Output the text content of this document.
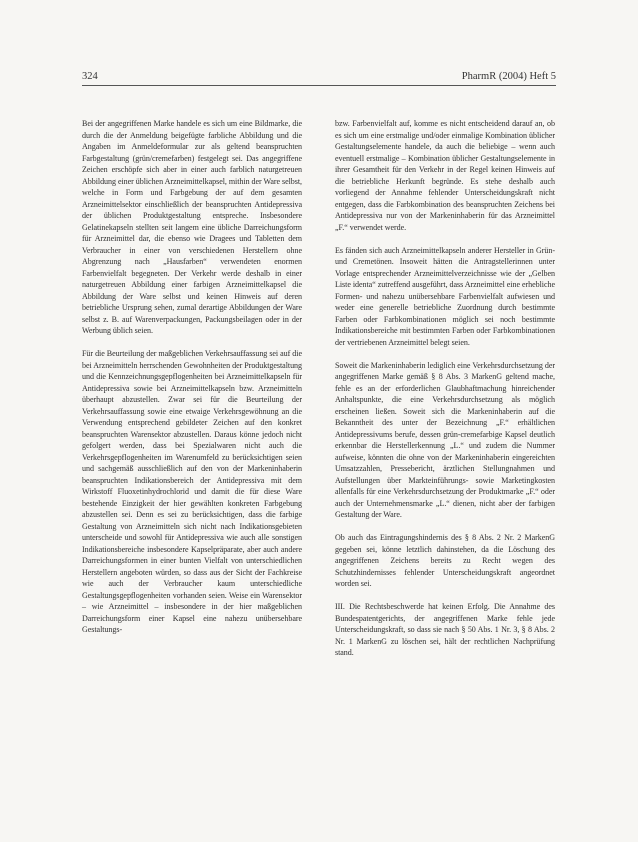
324	PharmR (2004) Heft 5

Bei der angegriffenen Marke handele es sich um eine Bildmarke, die durch die der Anmeldung beigefügte farbliche Abbildung und die Angaben im Anmeldeformular zur als geltend beanspruchten Farbgestaltung (grün/cremefarben) festgelegt sei. Das angegriffene Zeichen erschöpfe sich aber in einer auch farblich naturgetreuen Abbildung einer üblichen Arzneimittelkapsel, mithin der Ware selbst, welche in Form und Farbgebung der auf dem gesamten Arzneimittelsektor einschließlich der beanspruchten Antidepressiva der üblichen Produktgestaltung entspreche. Insbesondere Gelatinekapseln stellten seit langem eine übliche Darreichungsform für Arzneimittel dar, die ebenso wie Dragees und Tabletten dem Verbraucher in einer von verschiedenen Herstellern ohne Abgrenzung nach „Hausfarben“ verwendeten enormen Farbenvielfalt begegneten. Der Verkehr werde deshalb in einer naturgetreuen Abbildung einer farbigen Arzneimittelkapsel die Abbildung der Ware selbst und keinen Hinweis auf deren betriebliche Ursprung sehen, zumal derartige Abbildungen der Ware selbst z. B. auf Warenverpackungen, Packungsbeilagen oder in der Werbung üblich seien.

Für die Beurteilung der maßgeblichen Verkehrsauffassung sei auf die bei Arzneimitteln herrschenden Gewohnheiten der Produktgestaltung und die Kennzeichnungsgepflogenheiten bei Arzneimittelkapseln für Antidepressiva sowie bei Arzneimittelkapseln bzw. Arzneimitteln überhaupt abzustellen. Zwar sei für die Beurteilung der Verkehrsauffassung sowie eine etwaige Verkehrsgewöhnung an die Verwendung entsprechend gebildeter Zeichen auf den konkret beanspruchten Warensektor abzustellen. Daraus könne jedoch nicht gefolgert werden, dass bei Spezialwaren nicht auch die Verkehrsgepflogenheiten im Warenumfeld zu berücksichtigen seien und sachgemäß ausschließlich auf den von der Markeninhaberin beanspruchten Indikationsbereich der Antidepressiva mit dem Wirkstoff Fluoxetinhydrochlorid und damit die für diese Ware bestehende Einzigkeit der hier gewählten konkreten Farbgebung abzustellen sei. Denn es sei zu berücksichtigen, dass die farbige Gestaltung von Arzneimitteln sich nicht nach Indikationsgebieten unterscheide und sowohl für Antidepressiva wie auch alle sonstigen Indikationsbereiche insbesondere Kapselpräparate, aber auch andere Darreichungsformen in einer bunten Vielfalt von unterschiedlichen Herstellern angeboten würden, so dass aus der Sicht der Fachkreise wie auch der Verbraucher kaum unterschiedliche Gestaltungsgepflogenheiten vorhanden seien. Weise ein Warensektor – wie Arzneimittel – insbesondere in der hier maßgeblichen Darreichungsform einer Kapsel eine nahezu unübersehbare Gestaltungs-

bzw. Farbenvielfalt auf, komme es nicht entscheidend darauf an, ob es sich um eine erstmalige und/oder einmalige Kombination üblicher Gestaltungselemente handele, da auch die beliebige – wenn auch eventuell erstmalige – Kombination üblicher Gestaltungselemente in ihrer Gesamtheit für den Verkehr in der Regel keinen Hinweis auf die betriebliche Herkunft begründe. Es stehe deshalb auch vorliegend der Annahme fehlender Unterscheidungskraft nicht entgegen, dass die Farbkombination des beanspruchten Zeichens bei Antidepressiva nur von der Markeninhaberin für das Arzneimittel „F.“ verwendet werde.

Es fänden sich auch Arzneimittelkapseln anderer Hersteller in Grün- und Cremetönen. Insoweit hätten die Antragstellerinnen unter Vorlage entsprechender Arzneimittelverzeichnisse wie der „Gelben Liste identa“ zutreffend ausgeführt, dass Arzneimittel eine erhebliche Formen- und nahezu unübersehbare Farbenvielfalt aufwiesen und weder eine generelle betriebliche Zuordnung durch bestimmte Farben oder Farbkombinationen möglich sei noch bestimmte Indikationsbereiche mit bestimmten Farben oder Farbkombinationen der vertriebenen Arzneimittel belegt seien.

Soweit die Markeninhaberin lediglich eine Verkehrsdurchsetzung der angegriffenen Marke gemäß § 8 Abs. 3 MarkenG geltend mache, fehle es an der erforderlichen Glaubhaftmachung hinreichender Anhaltspunkte, die eine Verkehrsdurchsetzung als möglich erscheinen ließen. Soweit sich die Markeninhaberin auf die Bekanntheit des unter der Bezeichnung „F.“ erhältlichen Antidepressivums berufe, dessen grün-cremefarbige Kapsel deutlich erkennbar die Herstellerkennung „L.“ und zudem die Nummer aufweise, könnten die ohne von der Markeninhaberin eingereichten Umsatzzahlen, Pressebericht, ärztlichen Stellungnahmen und Aufstellungen über Markteinführungs- sowie Marketingkosten allenfalls für eine Verkehrsdurchsetzung der Produktmarke „F.“ oder auch der Unternehmensmarke „L.“ dienen, nicht aber der farbigen Gestaltung der Ware.

Ob auch das Eintragungshindernis des § 8 Abs. 2 Nr. 2 MarkenG gegeben sei, könne letztlich dahinstehen, da die Löschung des angegriffenen Zeichens bereits zu Recht wegen des Schutzhindernisses fehlender Unterscheidungskraft angeordnet worden sei.

III. Die Rechtsbeschwerde hat keinen Erfolg. Die Annahme des Bundespatentgerichts, der angegriffenen Marke fehle jede Unterscheidungskraft, so dass sie nach § 50 Abs. 1 Nr. 3, § 8 Abs. 2 Nr. 1 MarkenG zu löschen sei, hält der rechtlichen Nachprüfung stand.
